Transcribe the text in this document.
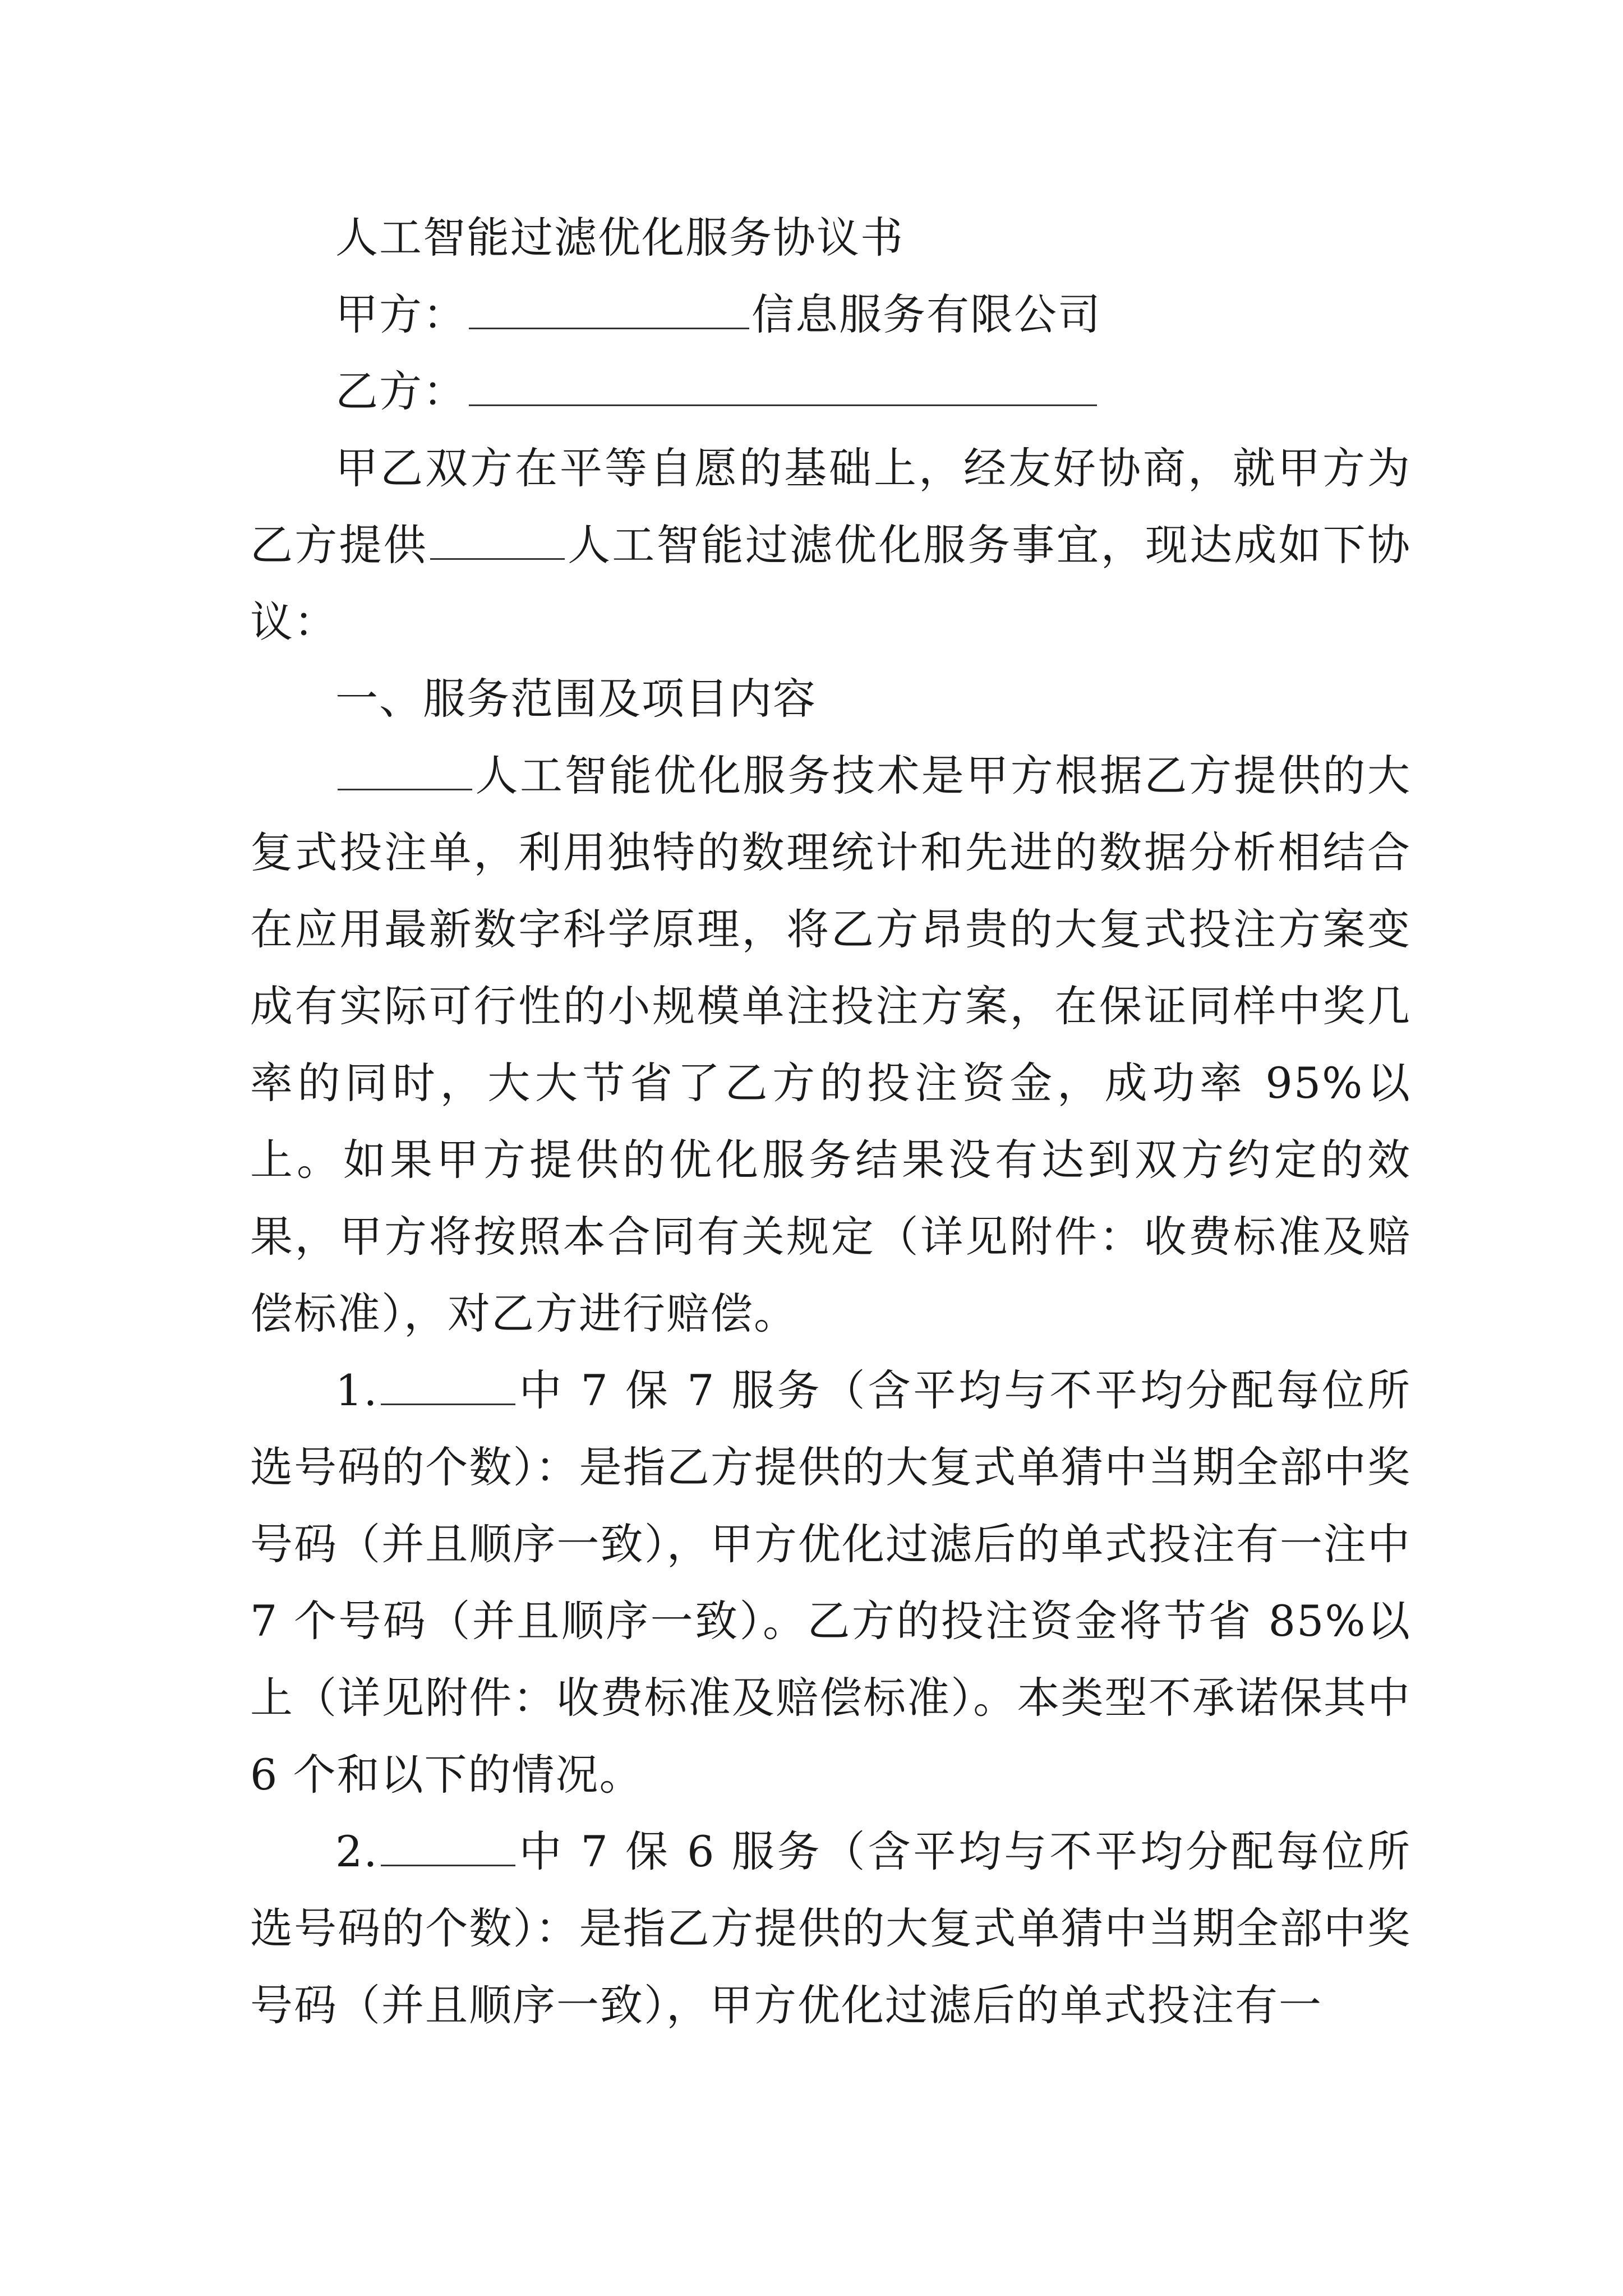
人工智能过滤优化服务协议书

甲方：	信息服务有限公司

乙方：

甲乙双方在平等自愿的基础上，经友好协商，就甲方为乙方提供	人工智能过滤优化服务事宜，现达成如下协议：

一、服务范围及项目内容

人工智能优化服务技术是甲方根据乙方提供的大复式投注单，利用独特的数理统计和先进的数据分析相结合在应用最新数字科学原理，将乙方昂贵的大复式投注方案变成有实际可行性的小规模单注投注方案，在保证同样中奖几率的同时，大大节省了乙方的投注资金，成功率 95%以上。如果甲方提供的优化服务结果没有达到双方约定的效果，甲方将按照本合同有关规定（详见附件：收费标准及赔偿标准），对乙方进行赔偿。

1.	中 7 保 7 服务（含平均与不平均分配每位所选号码的个数）：是指乙方提供的大复式单猜中当期全部中奖号码（并且顺序一致），甲方优化过滤后的单式投注有一注中 7 个号码（并且顺序一致）。乙方的投注资金将节省 85%以上（详见附件：收费标准及赔偿标准）。本类型不承诺保其中 6 个和以下的情况。

2.	中 7 保 6 服务（含平均与不平均分配每位所选号码的个数）：是指乙方提供的大复式单猜中当期全部中奖号码（并且顺序一致），甲方优化过滤后的单式投注有一
